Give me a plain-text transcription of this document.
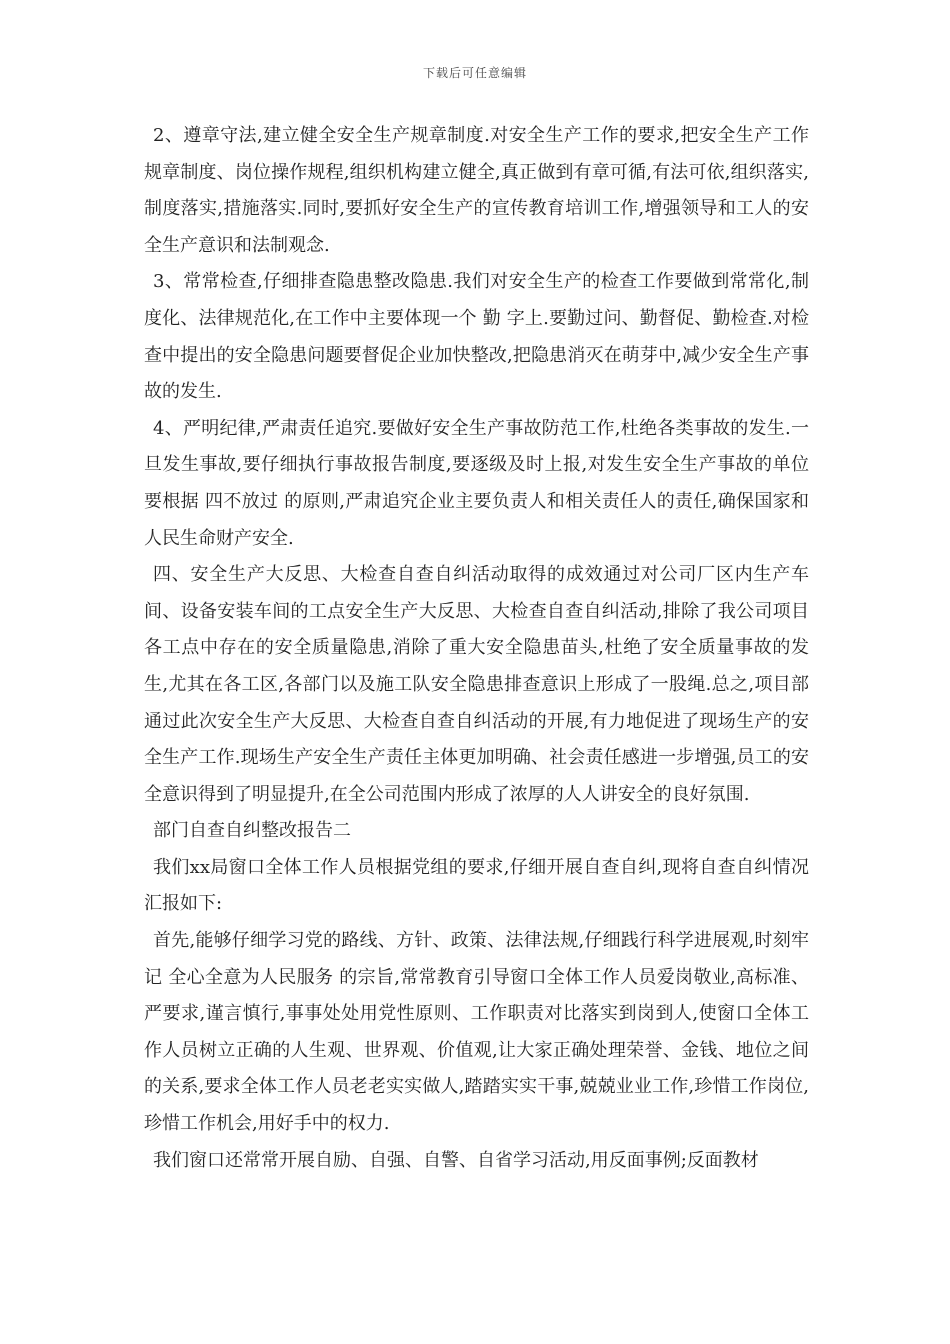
下载后可任意编辑

2、遵章守法,建立健全安全生产规章制度.对安全生产工作的要求,把安全生产工作规章制度、岗位操作规程,组织机构建立健全,真正做到有章可循,有法可依,组织落实,制度落实,措施落实.同时,要抓好安全生产的宣传教育培训工作,增强领导和工人的安全生产意识和法制观念.

3、常常检查,仔细排查隐患整改隐患.我们对安全生产的检查工作要做到常常化,制度化、法律规范化,在工作中主要体现一个 勤 字上.要勤过问、勤督促、勤检查.对检查中提出的安全隐患问题要督促企业加快整改,把隐患消灭在萌芽中,减少安全生产事故的发生.

4、严明纪律,严肃责任追究.要做好安全生产事故防范工作,杜绝各类事故的发生.一旦发生事故,要仔细执行事故报告制度,要逐级及时上报,对发生安全生产事故的单位要根据 四不放过 的原则,严肃追究企业主要负责人和相关责任人的责任,确保国家和人民生命财产安全.

四、安全生产大反思、大检查自查自纠活动取得的成效通过对公司厂区内生产车间、设备安装车间的工点安全生产大反思、大检查自查自纠活动,排除了我公司项目各工点中存在的安全质量隐患,消除了重大安全隐患苗头,杜绝了安全质量事故的发生,尤其在各工区,各部门以及施工队安全隐患排查意识上形成了一股绳.总之,项目部通过此次安全生产大反思、大检查自查自纠活动的开展,有力地促进了现场生产的安全生产工作.现场生产安全生产责任主体更加明确、社会责任感进一步增强,员工的安全意识得到了明显提升,在全公司范围内形成了浓厚的人人讲安全的良好氛围.

部门自查自纠整改报告二

我们xx局窗口全体工作人员根据党组的要求,仔细开展自查自纠,现将自查自纠情况汇报如下:

首先,能够仔细学习党的路线、方针、政策、法律法规,仔细践行科学进展观,时刻牢记 全心全意为人民服务 的宗旨,常常教育引导窗口全体工作人员爱岗敬业,高标准、严要求,谨言慎行,事事处处用党性原则、工作职责对比落实到岗到人,使窗口全体工作人员树立正确的人生观、世界观、价值观,让大家正确处理荣誉、金钱、地位之间的关系,要求全体工作人员老老实实做人,踏踏实实干事,兢兢业业工作,珍惜工作岗位,珍惜工作机会,用好手中的权力.

我们窗口还常常开展自励、自强、自警、自省学习活动,用反面事例;反面教材
